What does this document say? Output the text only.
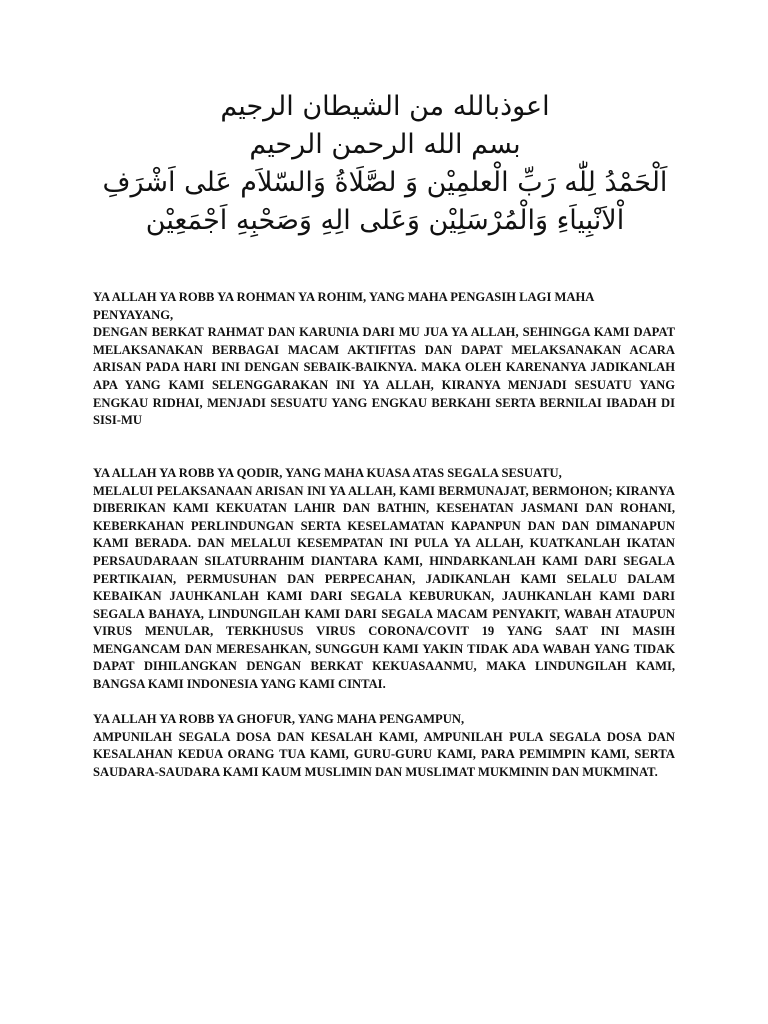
اعوذبالله من الشيطان الرجيم
بسم الله الرحمن الرحيم
اَلْحَمْدُ لِلّٰه رَبِّ الْعلمِيْن وَ لصَّلَاةُ وَالسّلاَم عَلى اَشْرَفِ اْلاَنْبِياَءِ وَالْمُرْسَلِيْن وَعَلى الِهِ وَصَحْبِهِ اَجْمَعِيْن
YA ALLAH YA ROBB YA ROHMAN YA ROHIM, YANG MAHA PENGASIH LAGI MAHA PENYAYANG,
DENGAN BERKAT RAHMAT DAN KARUNIA DARI MU JUA YA ALLAH, SEHINGGA KAMI DAPAT MELAKSANAKAN BERBAGAI MACAM AKTIFITAS DAN DAPAT MELAKSANAKAN ACARA ARISAN PADA HARI INI DENGAN SEBAIK-BAIKNYA. MAKA OLEH KARENANYA JADIKANLAH APA YANG KAMI SELENGGARAKAN INI YA ALLAH, KIRANYA MENJADI SESUATU YANG ENGKAU RIDHAI, MENJADI SESUATU YANG ENGKAU BERKAHI SERTA BERNILAI IBADAH DI SISI-MU
YA ALLAH YA ROBB YA QODIR, YANG MAHA KUASA ATAS SEGALA SESUATU,
MELALUI PELAKSANAAN ARISAN INI YA ALLAH, KAMI BERMUNAJAT, BERMOHON; KIRANYA DIBERIKAN KAMI KEKUATAN LAHIR DAN BATHIN, KESEHATAN JASMANI DAN ROHANI, KEBERKAHAN PERLINDUNGAN SERTA KESELAMATAN KAPANPUN DAN DAN DIMANAPUN KAMI BERADA. DAN MELALUI KESEMPATAN INI PULA YA ALLAH, KUATKANLAH IKATAN PERSAUDARAAN SILATURRAHIM DIANTARA KAMI, HINDARKANLAH KAMI DARI SEGALA PERTIKAIAN, PERMUSUHAN DAN PERPECAHAN, JADIKANLAH KAMI SELALU DALAM KEBAIKAN JAUHKANLAH KAMI DARI SEGALA KEBURUKAN, JAUHKANLAH KAMI DARI SEGALA BAHAYA, LINDUNGILAH KAMI DARI SEGALA MACAM PENYAKIT, WABAH ATAUPUN VIRUS MENULAR, TERKHUSUS VIRUS CORONA/COVIT 19 YANG SAAT INI MASIH MENGANCAM DAN MERESAHKAN, SUNGGUH KAMI YAKIN TIDAK ADA WABAH YANG TIDAK DAPAT DIHILANGKAN DENGAN BERKAT KEKUASAANMU, MAKA LINDUNGILAH KAMI, BANGSA KAMI INDONESIA YANG KAMI CINTAI.
YA ALLAH YA ROBB YA GHOFUR, YANG MAHA PENGAMPUN,
AMPUNILAH SEGALA DOSA DAN KESALAH KAMI, AMPUNILAH PULA SEGALA DOSA DAN KESALAHAN KEDUA ORANG TUA KAMI, GURU-GURU KAMI, PARA PEMIMPIN KAMI, SERTA SAUDARA-SAUDARA KAMI KAUM MUSLIMIN DAN MUSLIMAT MUKMININ DAN MUKMINAT.
